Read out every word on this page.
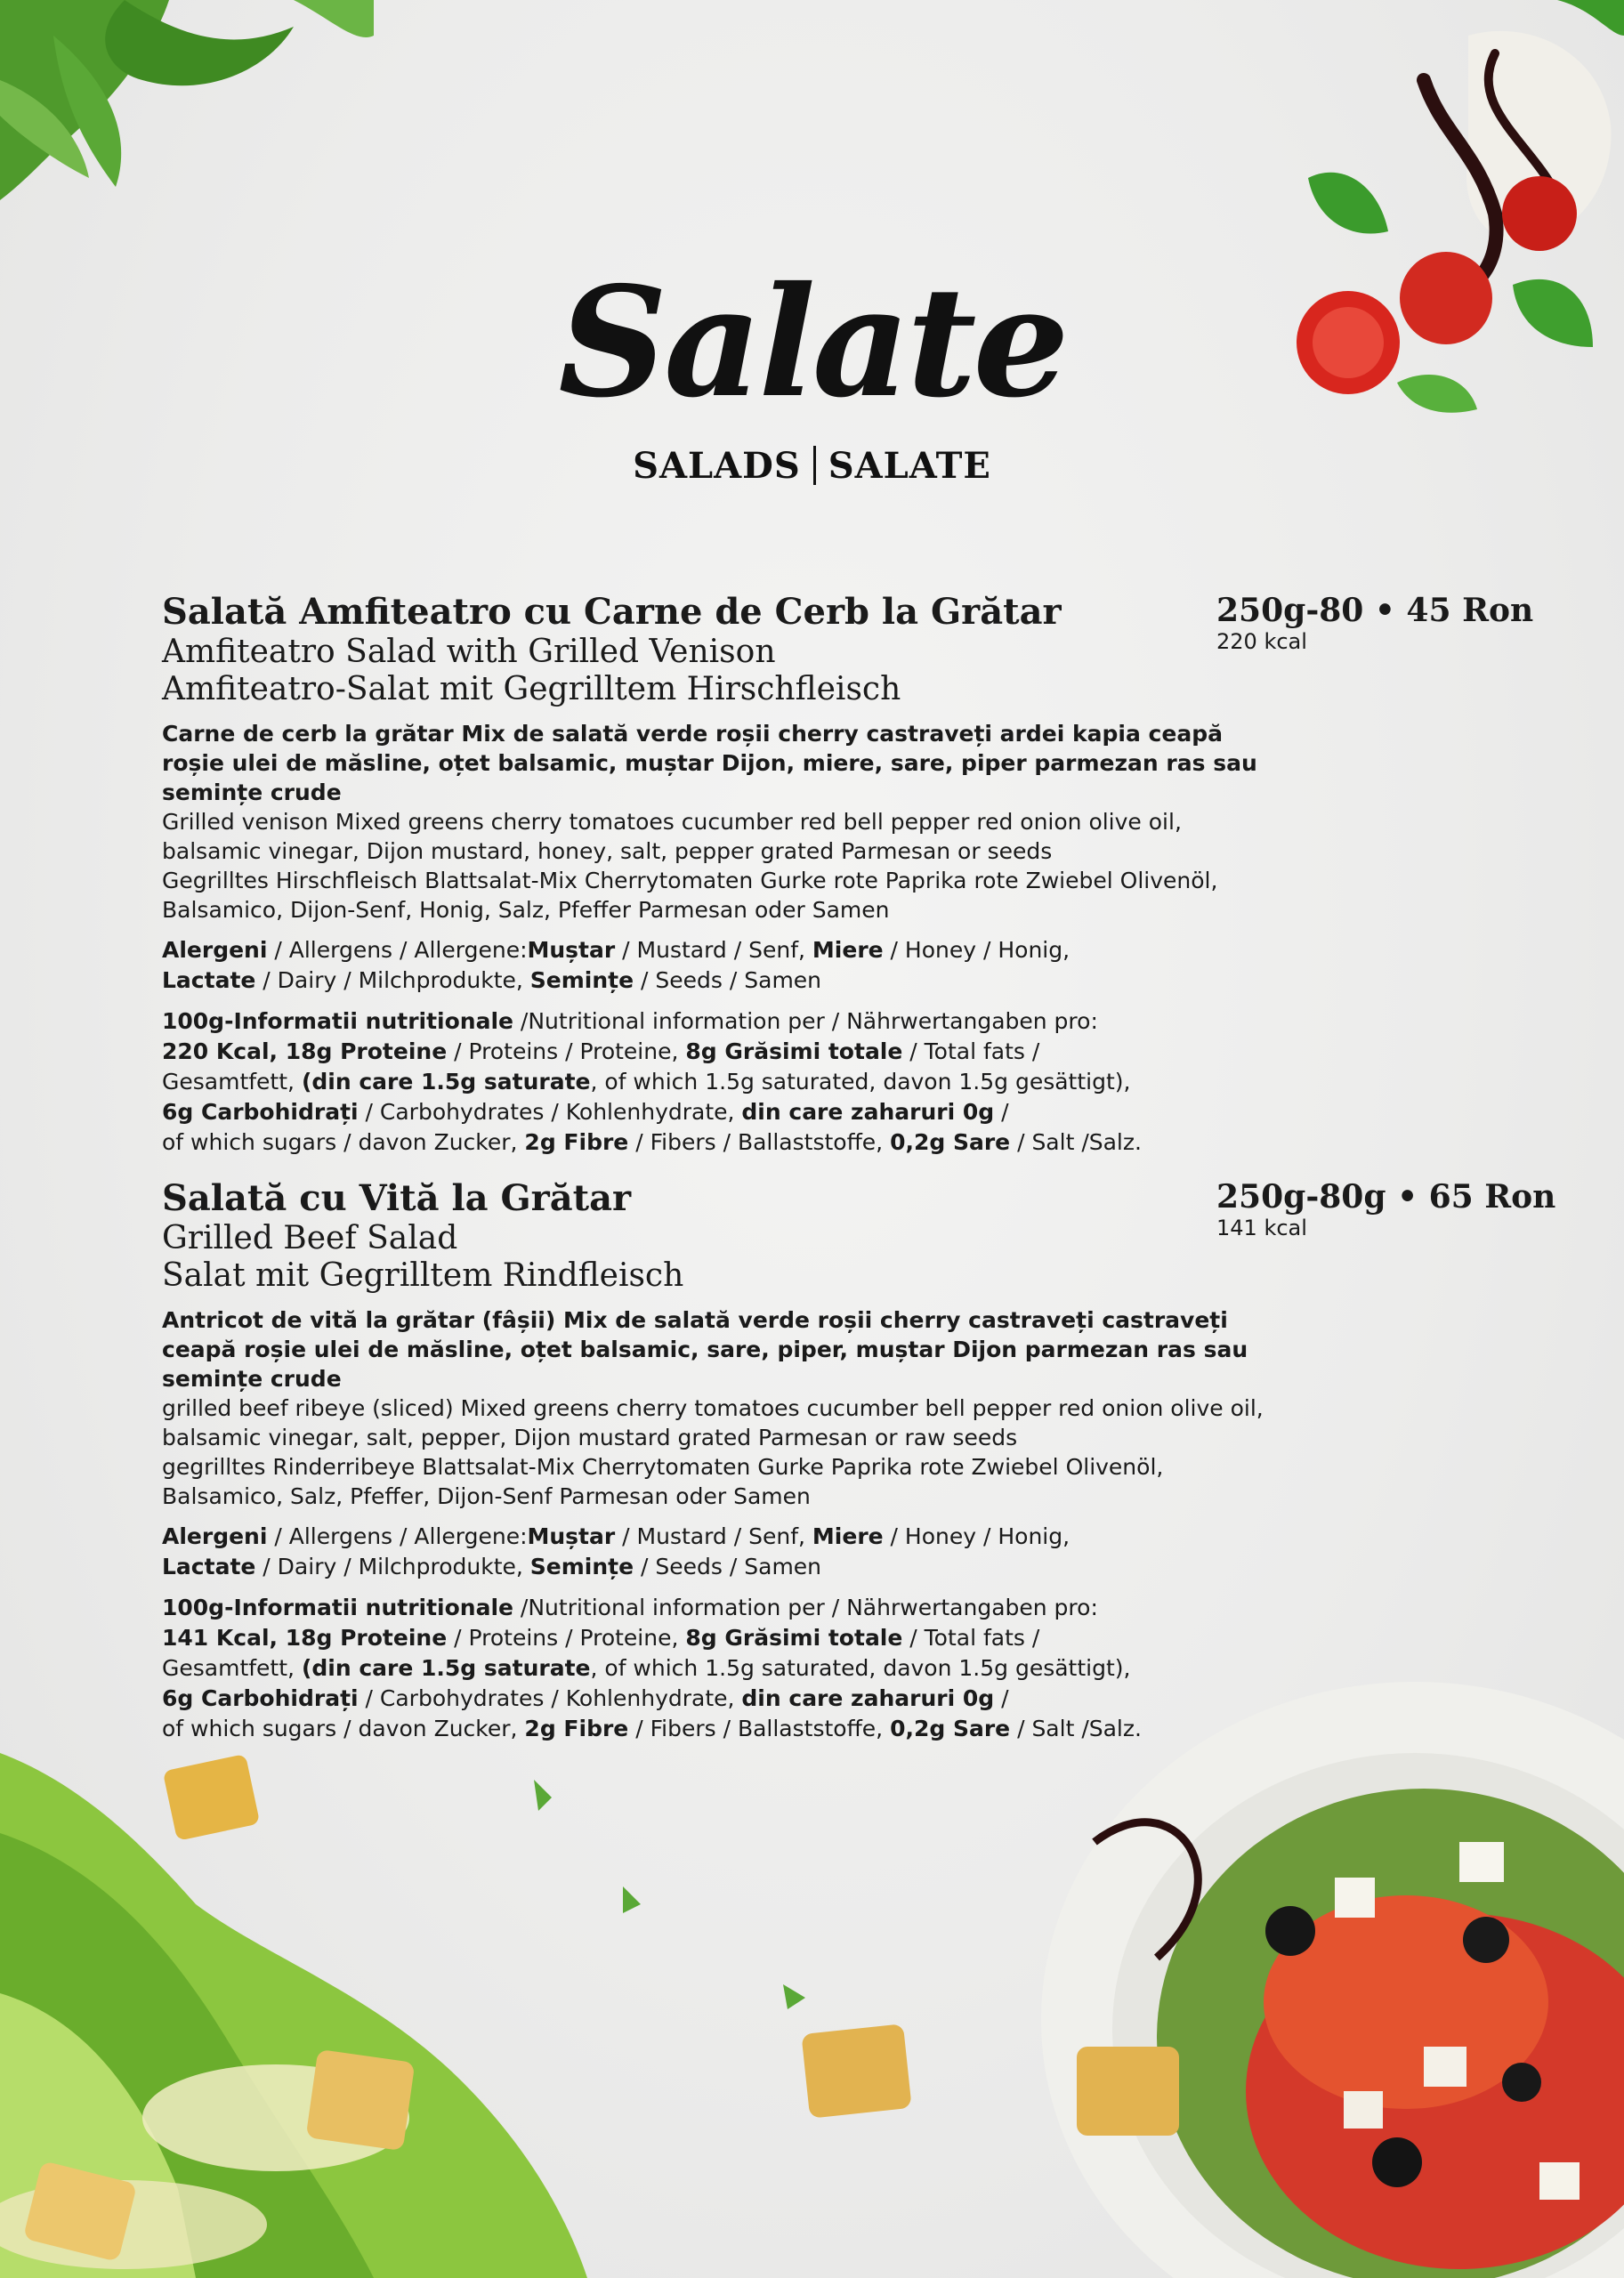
Salate
SALADS SALATE
Salată Amfiteatro cu Carne de Cerb la Grătar
Amfiteatro Salad with Grilled Venison
Amfiteatro-Salat mit Gegrilltem Hirschfleisch
250g-80 • 45 Ron
220 kcal
Carne de cerb la grătar Mix de salată verde roșii cherry castraveți ardei kapia ceapă roșie ulei de măsline, oțet balsamic, muștar Dijon, miere, sare, piper parmezan ras sau semințe crude
Grilled venison Mixed greens cherry tomatoes cucumber red bell pepper red onion olive oil, balsamic vinegar, Dijon mustard, honey, salt, pepper grated Parmesan or seeds
Gegrilltes Hirschfleisch Blattsalat-Mix Cherrytomaten Gurke rote Paprika rote Zwiebel Olivenöl, Balsamico, Dijon-Senf, Honig, Salz, Pfeffer Parmesan oder Samen
Alergeni / Allergens / Allergene:Muștar / Mustard / Senf, Miere / Honey / Honig,
Lactate / Dairy / Milchprodukte, Semințe / Seeds / Samen
100g-Informatii nutritionale /Nutritional information per / Nährwertangaben pro:
220 Kcal, 18g Proteine / Proteins / Proteine, 8g Grăsimi totale / Total fats /
Gesamtfett, (din care 1.5g saturate, of which 1.5g saturated, davon 1.5g gesättigt),
6g Carbohidrați / Carbohydrates / Kohlenhydrate, din care zaharuri 0g /
of which sugars / davon Zucker, 2g Fibre / Fibers / Ballaststoffe, 0,2g Sare / Salt /Salz.
Salată cu Vită la Grătar
Grilled Beef Salad
Salat mit Gegrilltem Rindfleisch
250g-80g • 65 Ron
141 kcal
Antricot de vită la grătar (fâșii) Mix de salată verde roșii cherry castraveți castraveți ceapă roșie ulei de măsline, oțet balsamic, sare, piper, muștar Dijon parmezan ras sau semințe crude
grilled beef ribeye (sliced) Mixed greens cherry tomatoes cucumber bell pepper red onion olive oil, balsamic vinegar, salt, pepper, Dijon mustard grated Parmesan or raw seeds
gegrilltes Rinderribeye Blattsalat-Mix Cherrytomaten Gurke Paprika rote Zwiebel Olivenöl, Balsamico, Salz, Pfeffer, Dijon-Senf Parmesan oder Samen
Alergeni / Allergens / Allergene:Muștar / Mustard / Senf, Miere / Honey / Honig,
Lactate / Dairy / Milchprodukte, Semințe / Seeds / Samen
100g-Informatii nutritionale /Nutritional information per / Nährwertangaben pro:
141 Kcal, 18g Proteine / Proteins / Proteine, 8g Grăsimi totale / Total fats /
Gesamtfett, (din care 1.5g saturate, of which 1.5g saturated, davon 1.5g gesättigt),
6g Carbohidrați / Carbohydrates / Kohlenhydrate, din care zaharuri 0g /
of which sugars / davon Zucker, 2g Fibre / Fibers / Ballaststoffe, 0,2g Sare / Salt /Salz.
